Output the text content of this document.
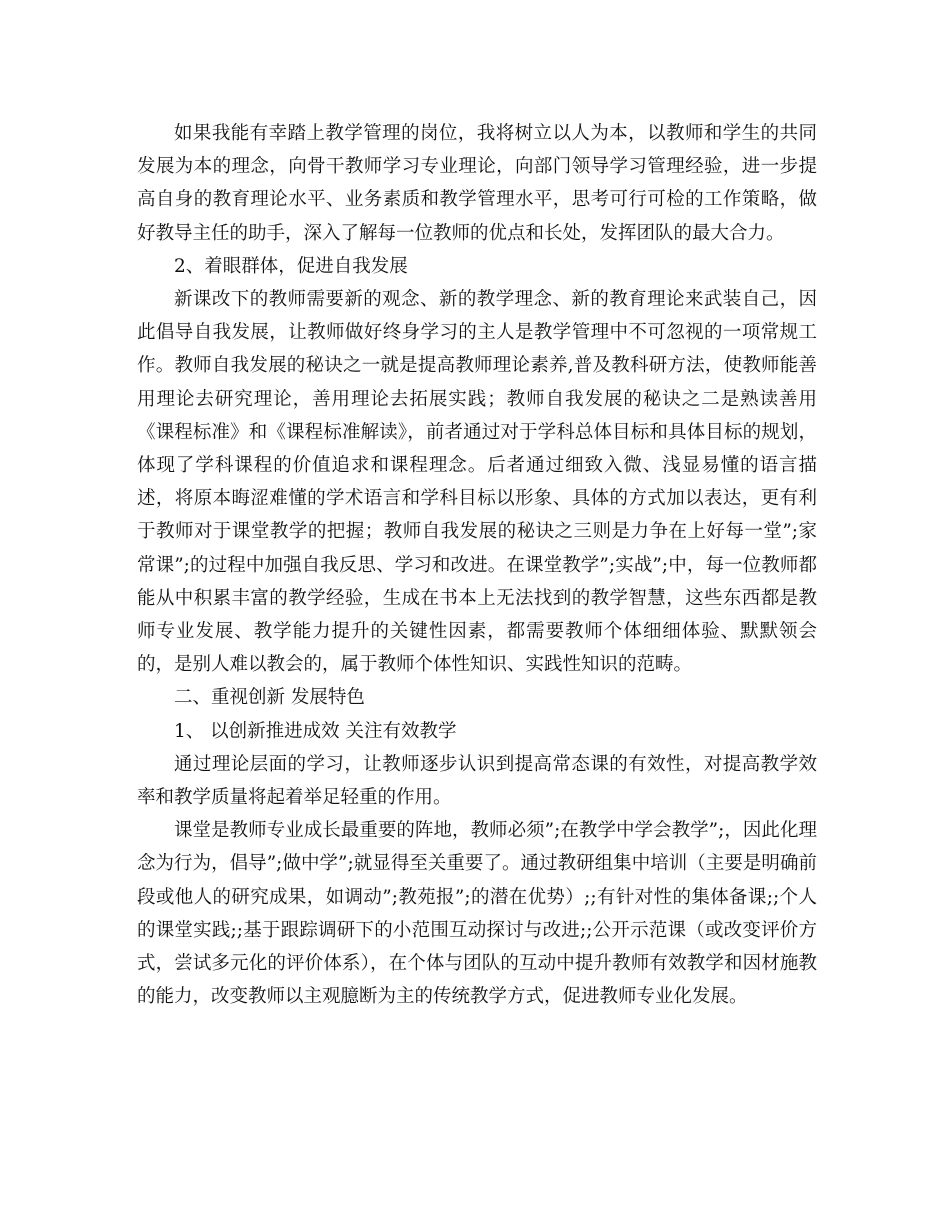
如果我能有幸踏上教学管理的岗位，我将树立以人为本，以教师和学生的共同发展为本的理念，向骨干教师学习专业理论，向部门领导学习管理经验，进一步提高自身的教育理论水平、业务素质和教学管理水平，思考可行可检的工作策略，做好教导主任的助手，深入了解每一位教师的优点和长处，发挥团队的最大合力。

2、着眼群体，促进自我发展

新课改下的教师需要新的观念、新的教学理念、新的教育理论来武装自己，因此倡导自我发展，让教师做好终身学习的主人是教学管理中不可忽视的一项常规工作。教师自我发展的秘诀之一就是提高教师理论素养,普及教科研方法，使教师能善用理论去研究理论，善用理论去拓展实践；教师自我发展的秘诀之二是熟读善用《课程标准》和《课程标准解读》，前者通过对于学科总体目标和具体目标的规划，体现了学科课程的价值追求和课程理念。后者通过细致入微、浅显易懂的语言描述，将原本晦涩难懂的学术语言和学科目标以形象、具体的方式加以表达，更有利于教师对于课堂教学的把握；教师自我发展的秘诀之三则是力争在上好每一堂”;家常课”;的过程中加强自我反思、学习和改进。在课堂教学”;实战”;中，每一位教师都能从中积累丰富的教学经验，生成在书本上无法找到的教学智慧，这些东西都是教师专业发展、教学能力提升的关键性因素，都需要教师个体细细体验、默默领会的，是别人难以教会的，属于教师个体性知识、实践性知识的范畴。

二、重视创新 发展特色

1、 以创新推进成效 关注有效教学

通过理论层面的学习，让教师逐步认识到提高常态课的有效性，对提高教学效率和教学质量将起着举足轻重的作用。

课堂是教师专业成长最重要的阵地，教师必须”;在教学中学会教学”;，因此化理念为行为，倡导”;做中学”;就显得至关重要了。通过教研组集中培训（主要是明确前段或他人的研究成果，如调动”;教苑报”;的潜在优势）;;有针对性的集体备课;;个人的课堂实践;;基于跟踪调研下的小范围互动探讨与改进;;公开示范课（或改变评价方式，尝试多元化的评价体系），在个体与团队的互动中提升教师有效教学和因材施教的能力，改变教师以主观臆断为主的传统教学方式，促进教师专业化发展。
